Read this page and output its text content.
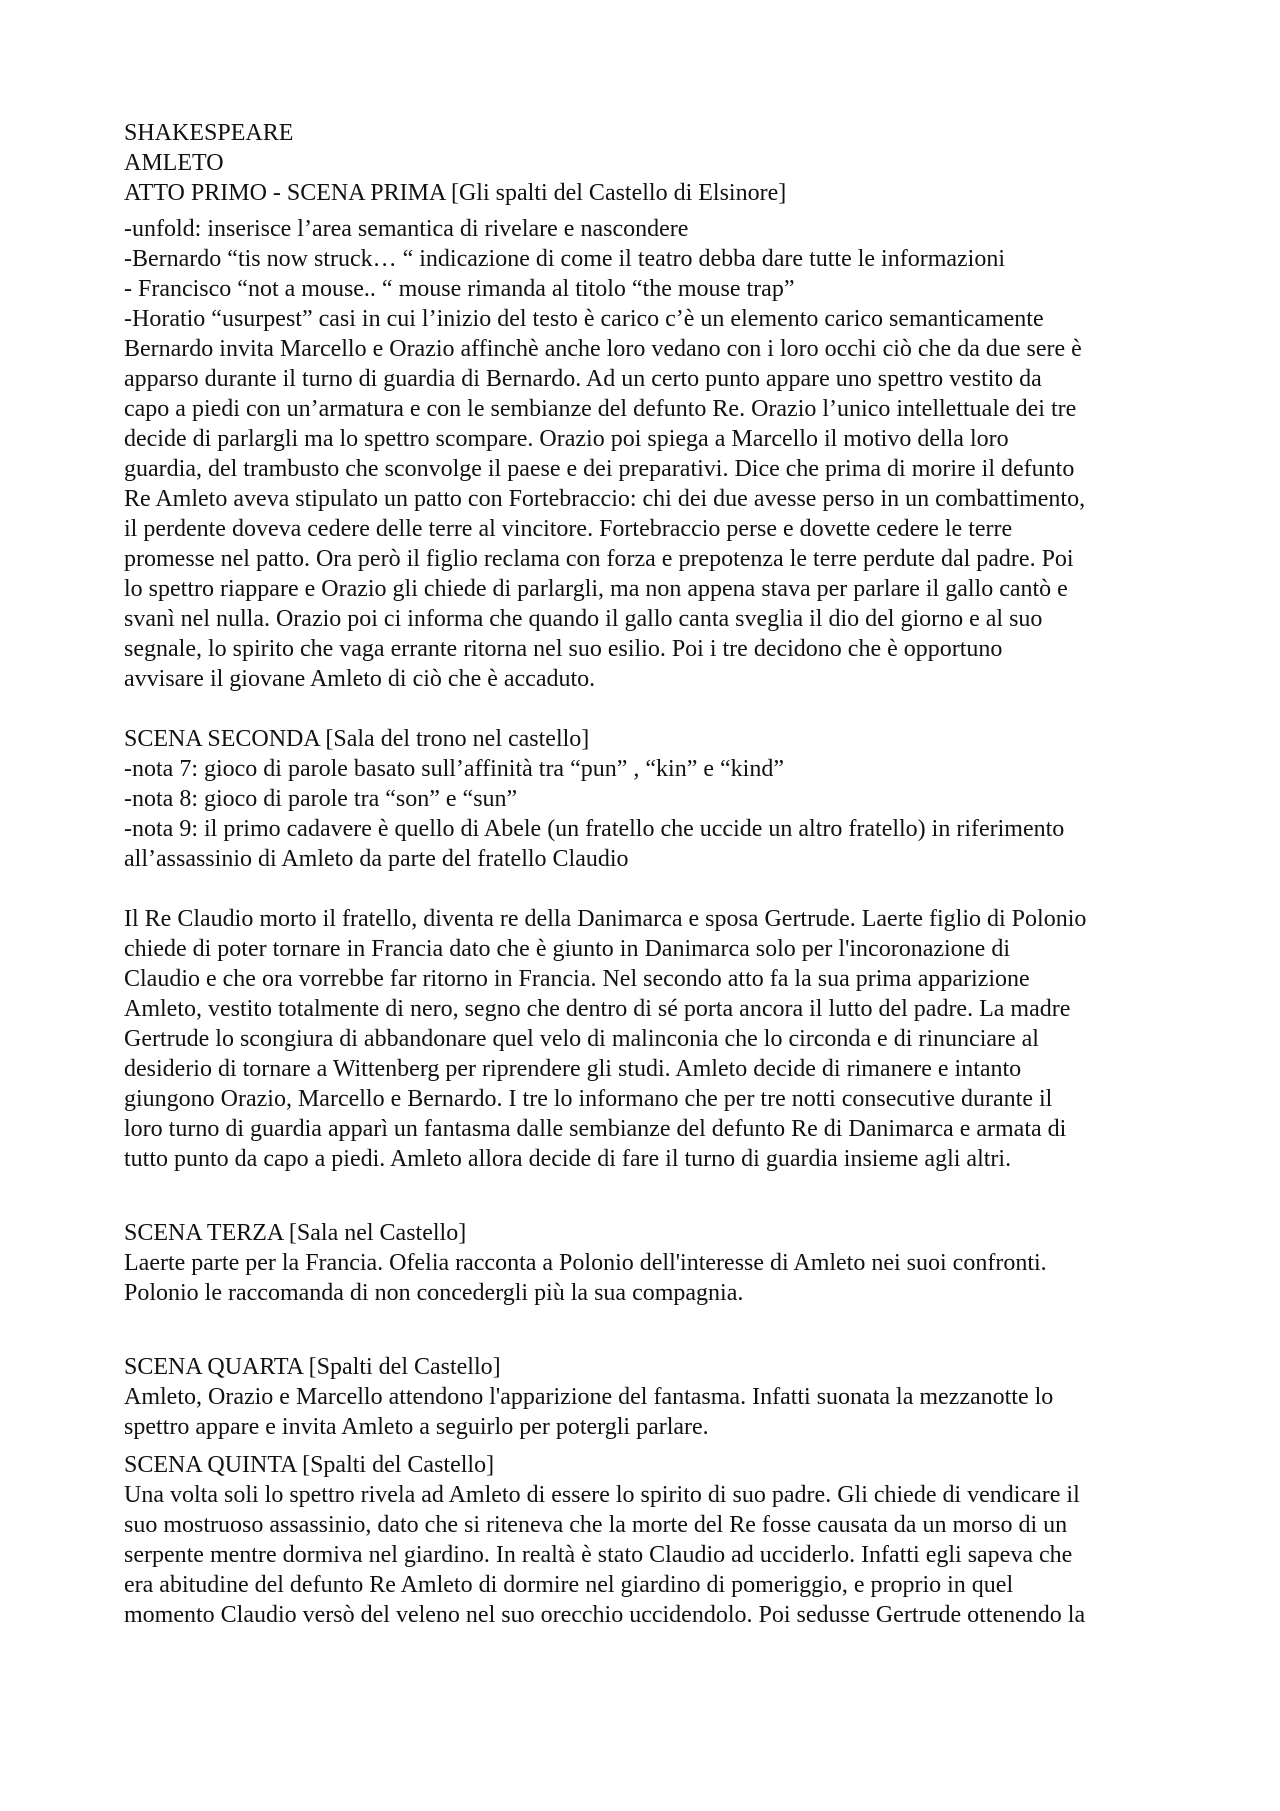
SHAKESPEARE
AMLETO
ATTO PRIMO - SCENA PRIMA [Gli spalti del Castello di Elsinore]
-unfold: inserisce l’area semantica di rivelare e nascondere
-Bernardo “tis now struck… “ indicazione di come il teatro debba dare tutte le informazioni
- Francisco “not a mouse.. “ mouse rimanda al titolo “the mouse trap”
-Horatio “usurpest” casi in cui l’inizio del testo è carico c’è un elemento carico semanticamente
Bernardo invita Marcello e Orazio affinchè anche loro vedano con i loro occhi ciò che da due sere è
apparso durante il turno di guardia di Bernardo. Ad un certo punto appare uno spettro vestito da
capo a piedi con un’armatura e con le sembianze del defunto Re. Orazio l’unico intellettuale dei tre
decide di parlargli ma lo spettro scompare. Orazio poi spiega a Marcello il motivo della loro
guardia, del trambusto che sconvolge il paese e dei preparativi. Dice che prima di morire il defunto
Re Amleto aveva stipulato un patto con Fortebraccio: chi dei due avesse perso in un combattimento,
il perdente doveva cedere delle terre al vincitore. Fortebraccio perse e dovette cedere le terre
promesse nel patto. Ora però il figlio reclama con forza e prepotenza le terre perdute dal padre. Poi
lo spettro riappare e Orazio gli chiede di parlargli, ma non appena stava per parlare il gallo cantò e
svanì nel nulla. Orazio poi ci informa che quando il gallo canta sveglia il dio del giorno e al suo
segnale, lo spirito che vaga errante ritorna nel suo esilio. Poi i tre decidono che è opportuno
avvisare il giovane Amleto di ciò che è accaduto.
SCENA SECONDA [Sala del trono nel castello]
-nota 7: gioco di parole basato sull’affinità tra “pun” , “kin” e “kind”
-nota 8: gioco di parole tra “son” e “sun”
-nota 9: il primo cadavere è quello di Abele (un fratello che uccide un altro fratello) in riferimento
all’assassinio di Amleto da parte del fratello Claudio
Il Re Claudio morto il fratello, diventa re della Danimarca e sposa Gertrude. Laerte figlio di Polonio
chiede di poter tornare in Francia dato che è giunto in Danimarca solo per l'incoronazione di
Claudio e che ora vorrebbe far ritorno in Francia. Nel secondo atto fa la sua prima apparizione
Amleto, vestito totalmente di nero, segno che dentro di sé porta ancora il lutto del padre. La madre
Gertrude lo scongiura di abbandonare quel velo di malinconia che lo circonda e di rinunciare al
desiderio di tornare a Wittenberg per riprendere gli studi. Amleto decide di rimanere e intanto
giungono Orazio, Marcello e Bernardo. I tre lo informano che per tre notti consecutive durante il
loro turno di guardia apparì un fantasma dalle sembianze del defunto Re di Danimarca e armata di
tutto punto da capo a piedi. Amleto allora decide di fare il turno di guardia insieme agli altri.
SCENA TERZA [Sala nel Castello]
Laerte parte per la Francia. Ofelia racconta a Polonio dell'interesse di Amleto nei suoi confronti.
Polonio le raccomanda di non concedergli più la sua compagnia.
SCENA QUARTA [Spalti del Castello]
Amleto, Orazio e Marcello attendono l'apparizione del fantasma. Infatti suonata la mezzanotte lo
spettro appare e invita Amleto a seguirlo per potergli parlare.
SCENA QUINTA [Spalti del Castello]
Una volta soli lo spettro rivela ad Amleto di essere lo spirito di suo padre. Gli chiede di vendicare il
suo mostruoso assassinio, dato che si riteneva che la morte del Re fosse causata da un morso di un
serpente mentre dormiva nel giardino. In realtà è stato Claudio ad ucciderlo. Infatti egli sapeva che
era abitudine del defunto Re Amleto di dormire nel giardino di pomeriggio, e proprio in quel
momento Claudio versò del veleno nel suo orecchio uccidendolo. Poi sedusse Gertrude ottenendo la
